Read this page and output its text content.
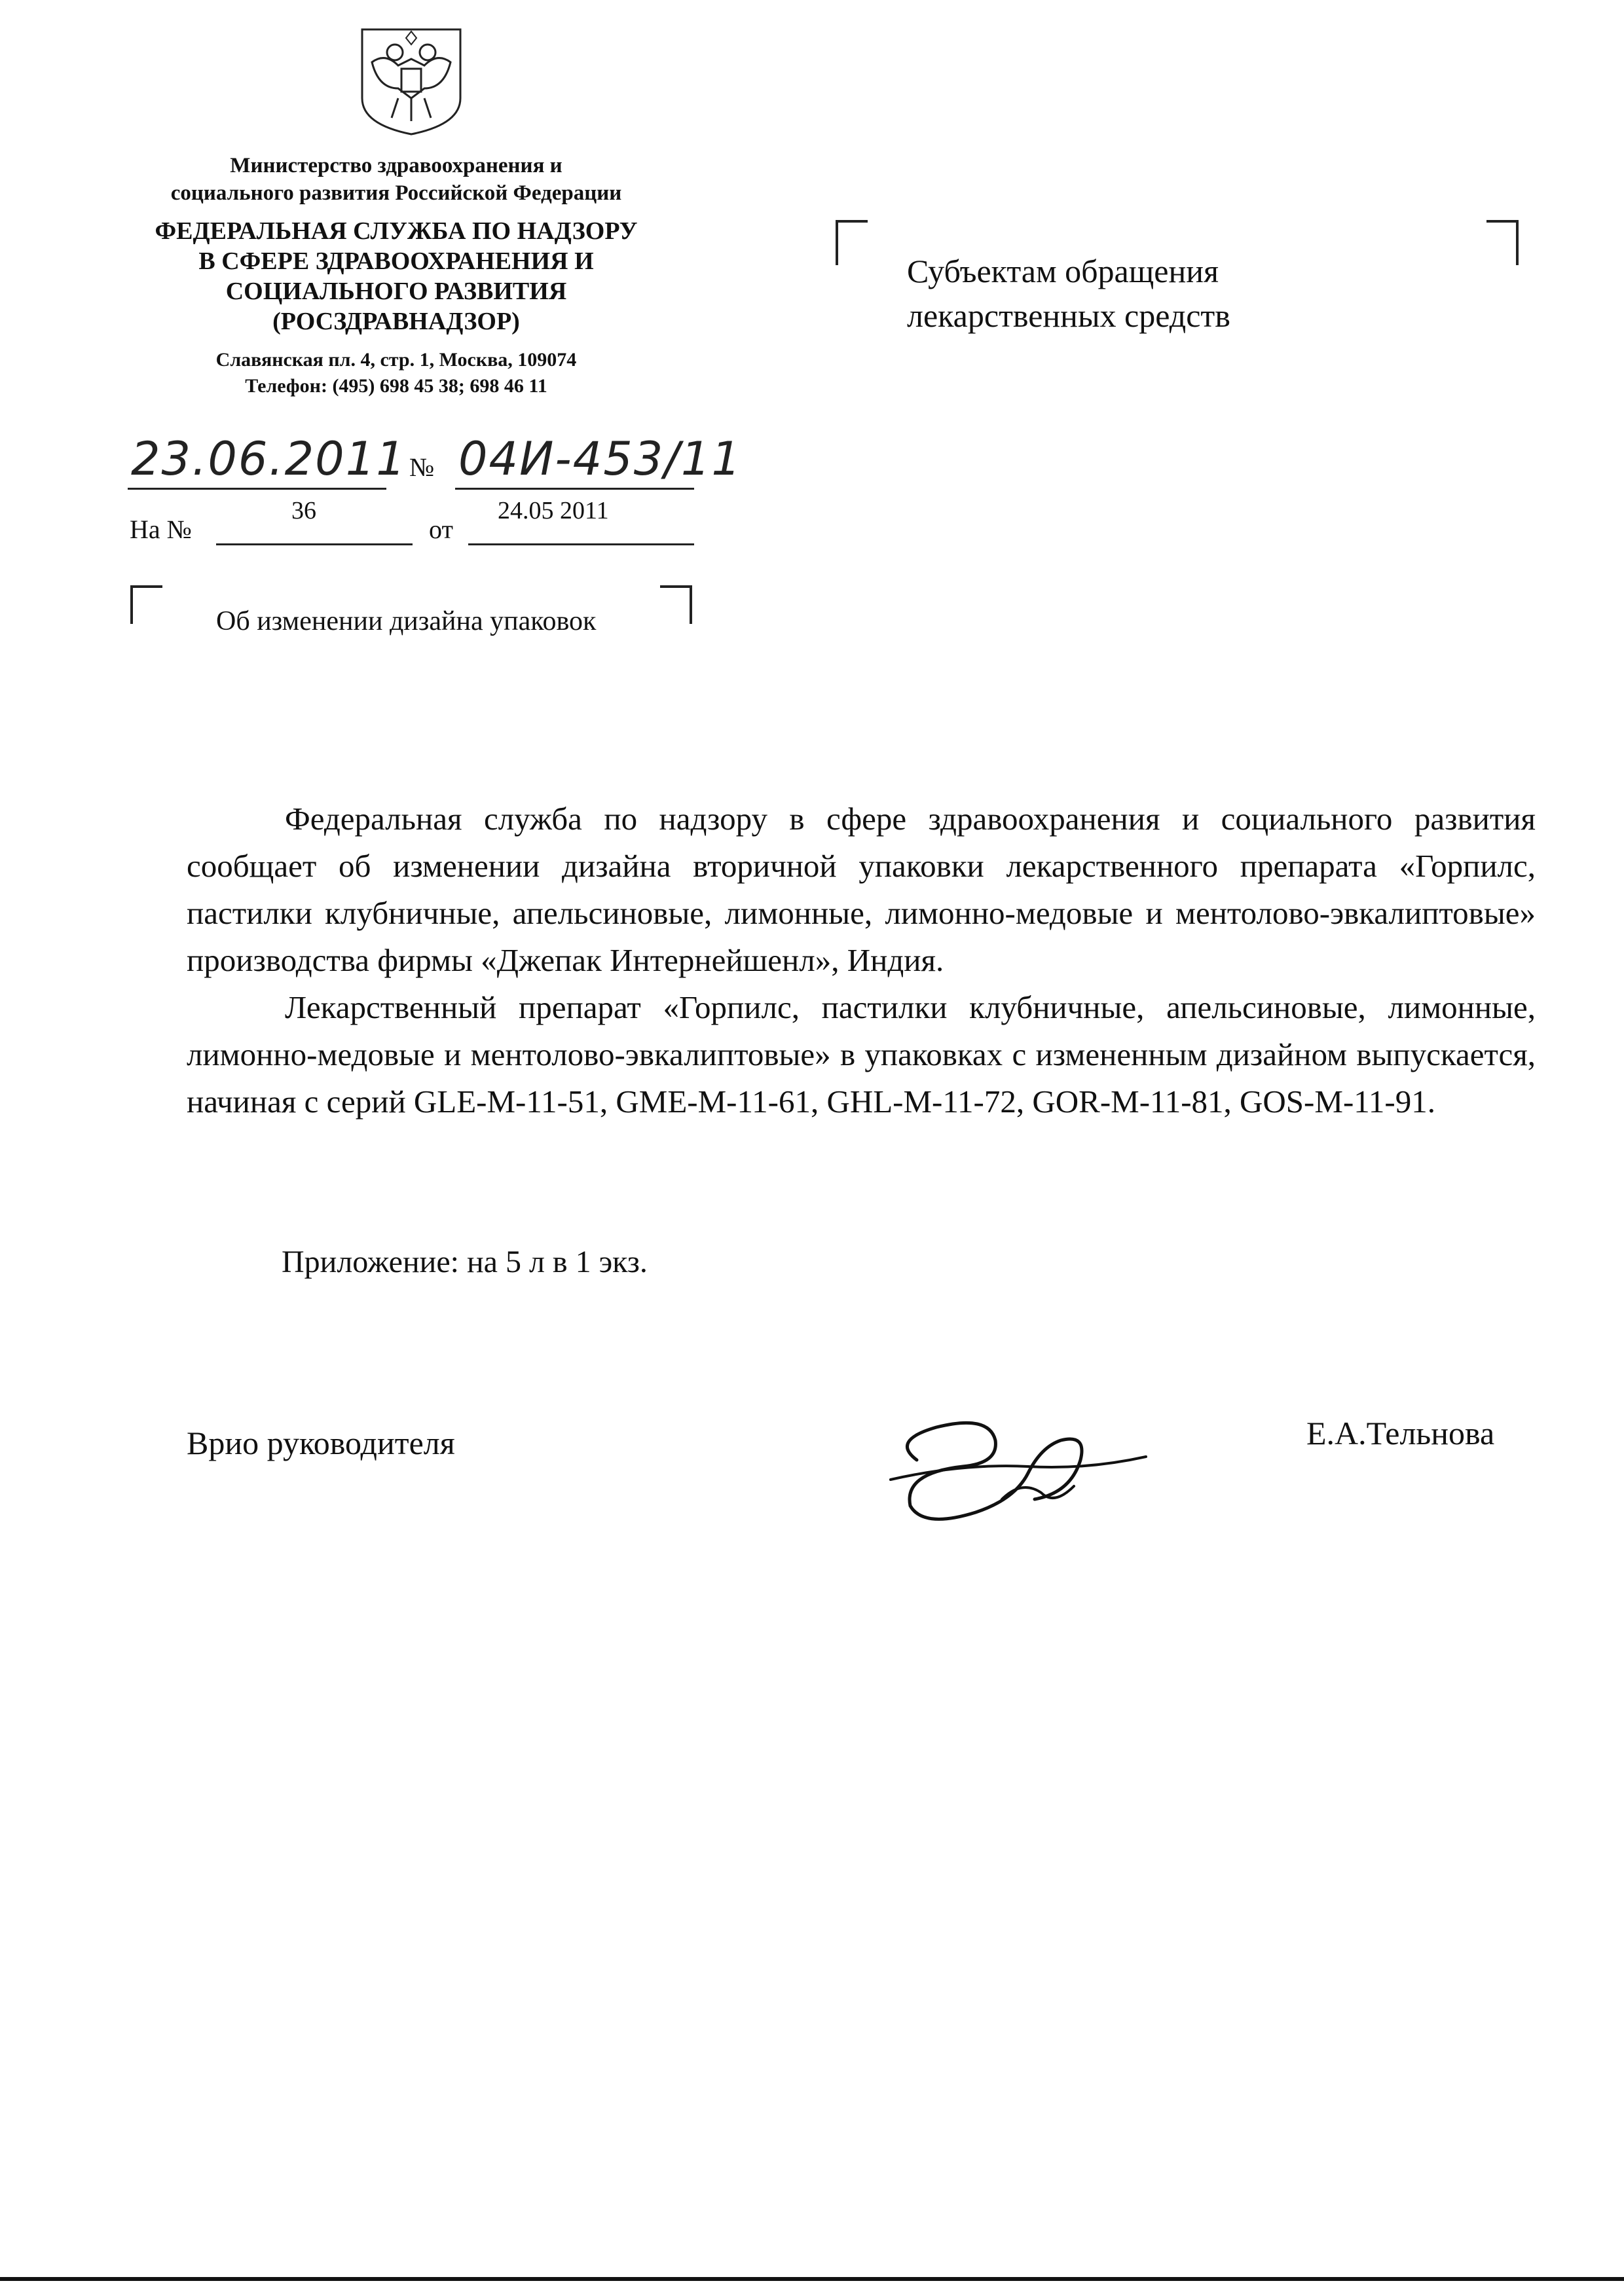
Министерство здравоохранения и
социального развития Российской Федерации
ФЕДЕРАЛЬНАЯ СЛУЖБА ПО НАДЗОРУ
В СФЕРЕ ЗДРАВООХРАНЕНИЯ И
СОЦИАЛЬНОГО РАЗВИТИЯ
(РОСЗДРАВНАДЗОР)
Славянская пл. 4, стр. 1, Москва, 109074
Телефон: (495) 698 45 38; 698 46 11
23.06.2011 № 04И-453/11
На №
36
от
24.05 2011
Об изменении дизайна упаковок
Субъектам обращения
лекарственных средств

Федеральная служба по надзору в сфере здравоохранения и социального развития сообщает об изменении дизайна вторичной упаковки лекарственного препарата «Горпилс, пастилки клубничные, апельсиновые, лимонные, лимонно-медовые и ментолово-эвкалиптовые» производства фирмы «Джепак Интернейшенл», Индия.

Лекарственный препарат «Горпилс, пастилки клубничные, апельсиновые, лимонные, лимонно-медовые и ментолово-эвкалиптовые» в упаковках с измененным дизайном выпускается, начиная с серий GLE-M-11-51, GME-M-11-61, GHL-M-11-72, GOR-M-11-81, GOS-M-11-91.

Приложение: на 5 л в 1 экз.
Врио руководителя	Е.А.Тельнова
